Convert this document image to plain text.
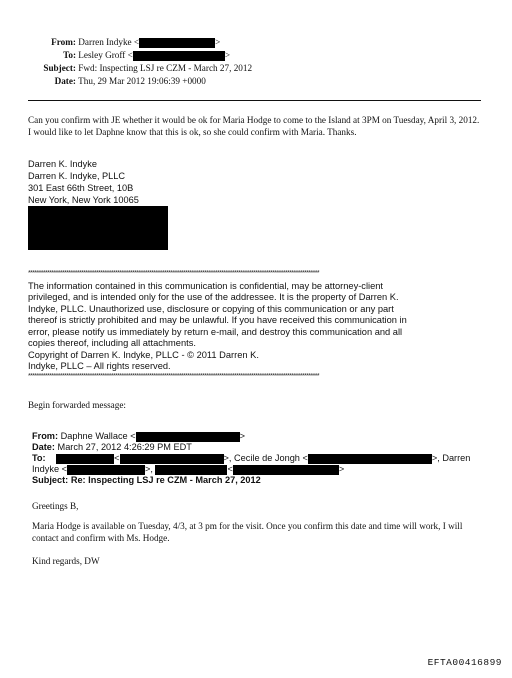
From: Darren Indyke <	>
To: Lesley Groff <	>
Subject: Fwd: Inspecting LSJ re CZM - March 27, 2012
Date: Thu, 29 Mar 2012 19:06:39 +0000
Can you confirm with JE whether it would be ok for Maria Hodge to come to the Island at 3PM on Tuesday, April 3, 2012. I would like to let Daphne know that this is ok, so she could confirm with Maria. Thanks.
Darren K. Indyke
Darren K. Indyke, PLLC
301 East 66th Street, 10B
New York, New York 10065
*****************************************************************************************************************************************
The information contained in this communication is confidential, may be attorney-client privileged, and is intended only for the use of the addressee. It is the property of Darren K. Indyke, PLLC. Unauthorized use, disclosure or copying of this communication or any part thereof is strictly prohibited and may be unlawful. If you have received this communication in error, please notify us immediately by return e-mail, and destroy this communication and all copies thereof, including all attachments.
Copyright of Darren K. Indyke, PLLC - © 2011 Darren K.
Indyke, PLLC – All rights reserved.
*****************************************************************************************************************************************
Begin forwarded message:
From: Daphne Wallace <	>
Date: March 27, 2012 4:26:29 PM EDT
To:	<	>, Cecile de Jongh <	>, Darren
Indyke <	>,	<	>
Subject: Re: Inspecting LSJ re CZM - March 27, 2012
Greetings B,
Maria Hodge is available on Tuesday, 4/3, at 3 pm for the visit. Once you confirm this date and time will work, I will contact and confirm with Ms. Hodge.
Kind regards, DW
EFTA00416899
